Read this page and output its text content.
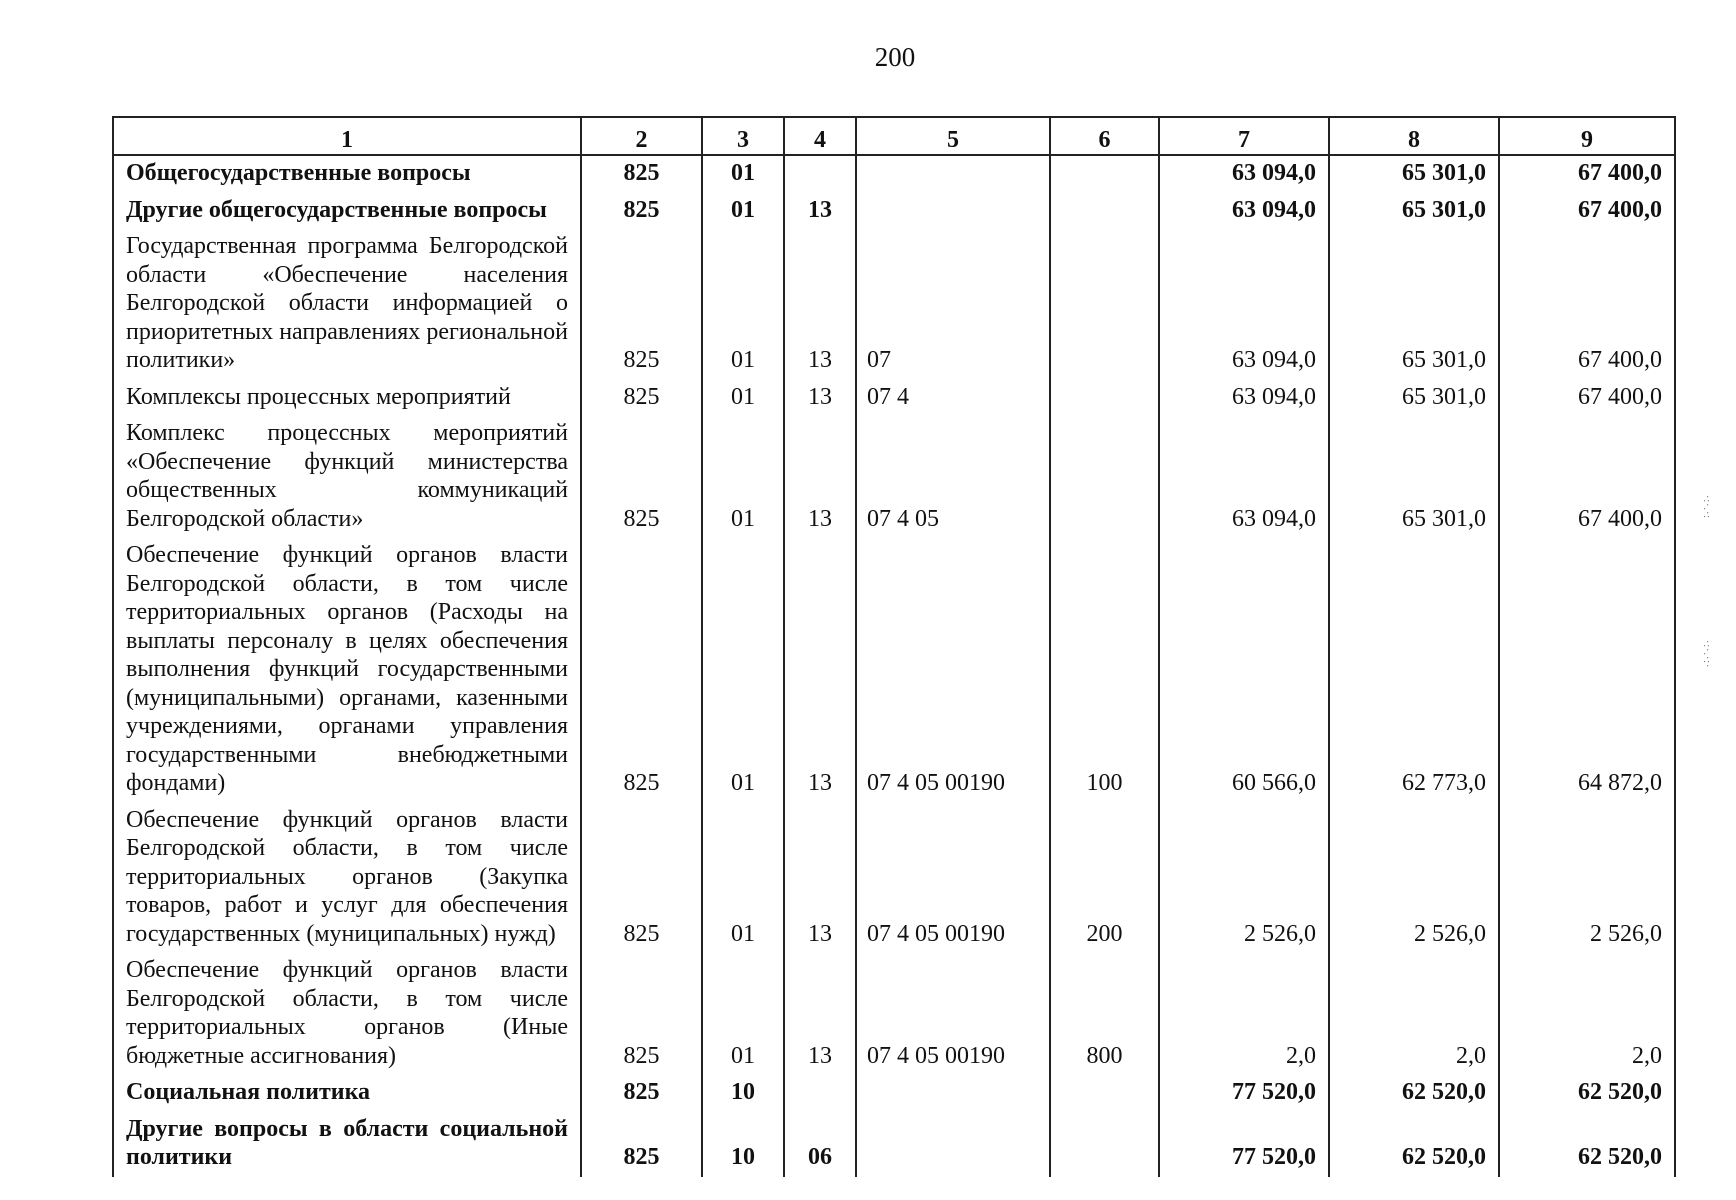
200
1	2	3	4	5	6	7	8	9
Общегосударственные вопросы	825	01				63 094,0	65 301,0	67 400,0
Другие общегосударственные вопросы	825	01	13			63 094,0	65 301,0	67 400,0
Государственная программа Белгородской области «Обеспечение населения Белгородской области информацией о приоритетных направлениях региональной политики»	825	01	13	07		63 094,0	65 301,0	67 400,0
Комплексы процессных мероприятий	825	01	13	07 4		63 094,0	65 301,0	67 400,0
Комплекс процессных мероприятий «Обеспечение функций министерства общественных коммуникаций Белгородской области»	825	01	13	07 4 05		63 094,0	65 301,0	67 400,0
Обеспечение функций органов власти Белгородской области, в том числе территориальных органов (Расходы на выплаты персоналу в целях обеспечения выполнения функций государственными (муниципальными) органами, казенными учреждениями, органами управления государственными внебюджетными фондами)	825	01	13	07 4 05 00190	100	60 566,0	62 773,0	64 872,0
Обеспечение функций органов власти Белгородской области, в том числе территориальных органов (Закупка товаров, работ и услуг для обеспечения государственных (муниципальных) нужд)	825	01	13	07 4 05 00190	200	2 526,0	2 526,0	2 526,0
Обеспечение функций органов власти Белгородской области, в том числе территориальных органов (Иные бюджетные ассигнования)	825	01	13	07 4 05 00190	800	2,0	2,0	2,0
Социальная политика	825	10				77 520,0	62 520,0	62 520,0
Другие вопросы в области социальной политики	825	10	06			77 520,0	62 520,0	62 520,0
·:·.·:
·:·.·:·
